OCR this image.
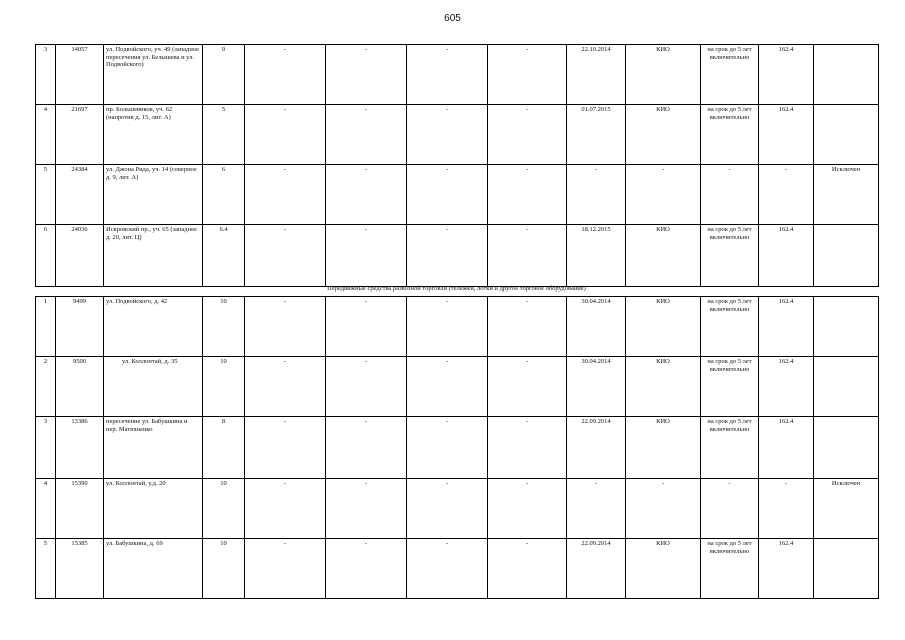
605
3	14057	ул. Подвойского, уч. 49 (западное пересечения ул. Белышева и ул. Подвойского)	9	-	-	-	-	22.10.2014	КИО	на срок до 5 лет включительно	162.4	
4	21697	пр. Большевиков, уч. 62 (напротив д. 15, лит. А)	5	-	-	-	-	01.07.2015	КИО	на срок до 5 лет включительно	162.4	
5	24384	ул. Джона Рида, уч. 14 (северное д. 9, лит. А)	6	-	-	-	-	-	-	-	-	Исключен
6	24036	Искровский пр., уч. 65 (западнее д. 20, лит. Ц)	6.4	-	-	-	-	18.12.2015	КИО	на срок до 5 лет включительно	162.4	
Передвижные средства развозной торговли (тележки, лотки и другое торговое оборудование)
1	9499	ул. Подвойского, д. 42	10	-	-	-	-	30.04.2014	КИО	на срок до 5 лет включительно	162.4	
2	9500	ул. Коллонтай, д. 35	10	-	-	-	-	30.04.2014	КИО	на срок до 5 лет включительно	162.4	
3	13386	пересечение ул. Бабушкина и пер. Матюшенко	8	-	-	-	-	22.09.2014	КИО	на срок до 5 лет включительно	162.4	
4	15390	ул. Коллонтай, у.д. 20	10	-	-	-	-	-	-	-	-	Исключен
5	15385	ул. Бабушкина, д. 69	10	-	-	-	-	22.09.2014	КИО	на срок до 5 лет включительно	162.4	
